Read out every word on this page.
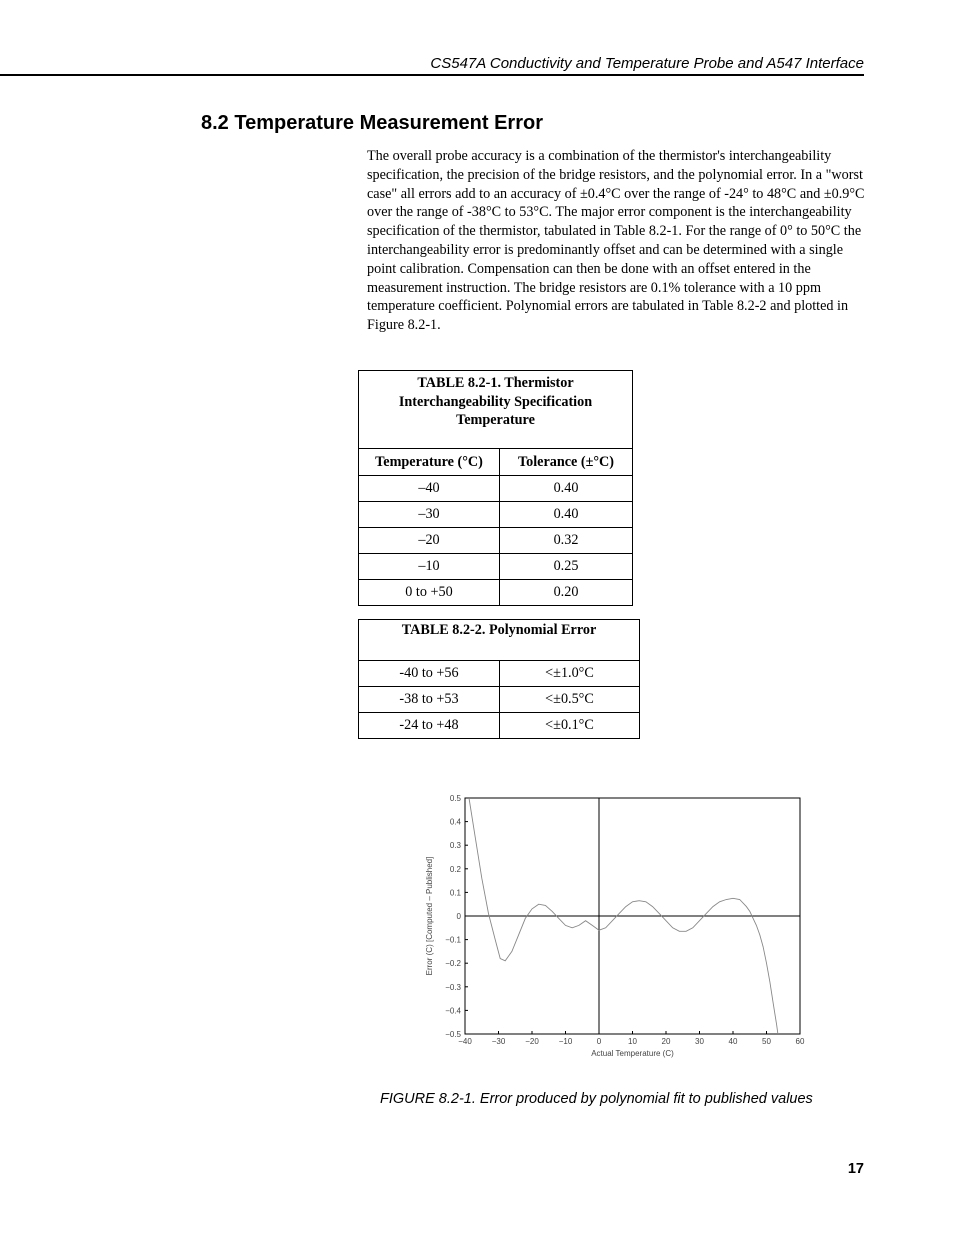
CS547A Conductivity and Temperature Probe and A547 Interface
8.2 Temperature Measurement Error
The overall probe accuracy is a combination of the thermistor's interchangeability specification, the precision of the bridge resistors, and the polynomial error. In a "worst case" all errors add to an accuracy of ±0.4°C over the range of -24° to 48°C and ±0.9°C over the range of -38°C to 53°C. The major error component is the interchangeability specification of the thermistor, tabulated in Table 8.2-1. For the range of 0° to 50°C the interchangeability error is predominantly offset and can be determined with a single point calibration. Compensation can then be done with an offset entered in the measurement instruction. The bridge resistors are 0.1% tolerance with a 10 ppm temperature coefficient. Polynomial errors are tabulated in Table 8.2-2 and plotted in Figure 8.2-1.
TABLE 8.2-1. Thermistor
Interchangeability Specification
Temperature	
Temperature (°C)	Tolerance (±°C)
–40	0.40
–30	0.40
–20	0.32
–10	0.25
0 to +50	0.20
TABLE 8.2-2. Polynomial Error	
-40 to +56	<±1.0°C
-38 to +53	<±0.5°C
-24 to +48	<±0.1°C
−40 −30 −20 −10	0	10	20	30	40	50	60
0.5
0.4
0.3
0.2
0.1
0
−0.1
−0.2
−0.3
−0.4
−0.5
Actual Temperature (C)
Error (C) [Computed – Published]
FIGURE 8.2-1. Error produced by polynomial fit to published values
17
